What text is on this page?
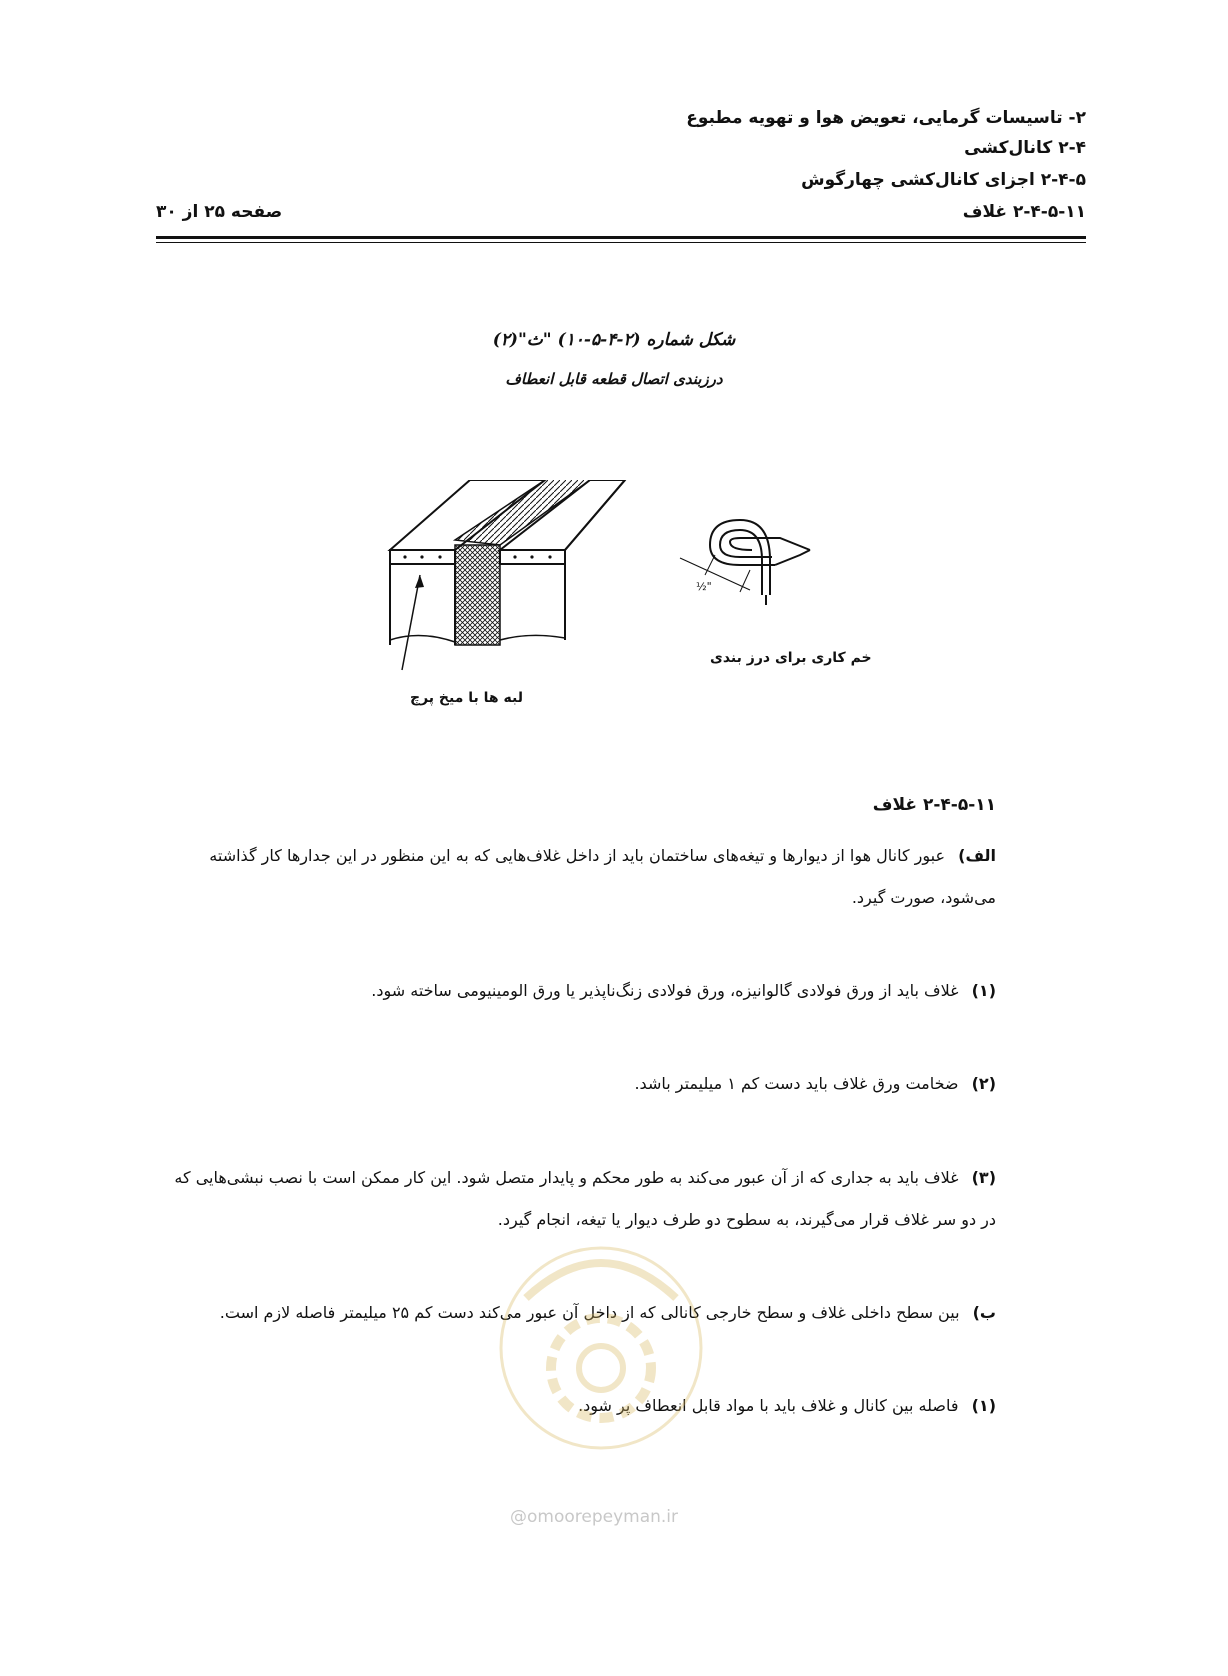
۲- تاسیسات گرمایی، تعویض هوا و تهویه مطبوع
۲-۴ کانال‌کشی
۲-۴-۵ اجزای کانال‌کشی چهارگوش
۲-۴-۵-۱۱ غلاف
صفحه ۲۵ از ۳۰
شکل شماره (۲-۴-۵-۱۰) "ث"(۲)
درزبندی اتصال قطعه قابل انعطاف
½"
لبه ها با میخ پرچ
خم کاری برای درز بندی
۲-۴-۵-۱۱ غلاف
الف) عبور کانال هوا از دیوارها و تیغه‌های ساختمان باید از داخل غلاف‌هایی که به این منظور در این جدارها کار گذاشته می‌شود، صورت گیرد.
(۱) غلاف باید از ورق فولادی گالوانیزه، ورق فولادی زنگ‌ناپذیر یا ورق الومینیومی ساخته شود.
(۲) ضخامت ورق غلاف باید دست کم ۱ میلیمتر باشد.
(۳) غلاف باید به جداری که از آن عبور می‌کند به طور محکم و پایدار متصل شود. این کار ممکن است با نصب نبشی‌هایی که در دو سر غلاف قرار می‌گیرند، به سطوح دو طرف دیوار یا تیغه، انجام گیرد.
ب) بین سطح داخلی غلاف و سطح خارجی کانالی که از داخل آن عبور می‌کند دست کم ۲۵ میلیمتر فاصله لازم است.
(۱) فاصله بین کانال و غلاف باید با مواد قابل انعطاف پر شود.
@omoorepeyman.ir
